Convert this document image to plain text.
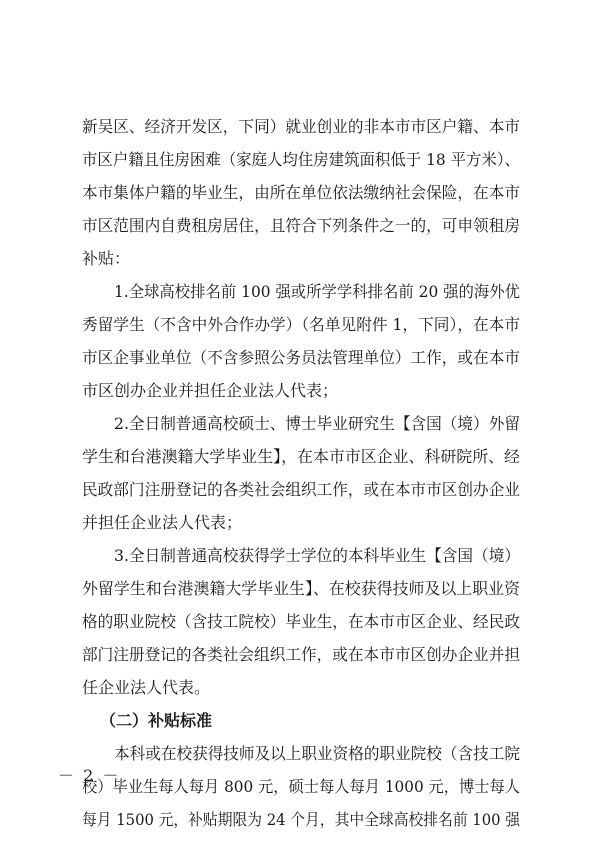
新吴区、经济开发区，下同）就业创业的非本市市区户籍、本市
市区户籍且住房困难（家庭人均住房建筑面积低于 18 平方米）、
本市集体户籍的毕业生，由所在单位依法缴纳社会保险，在本市
市区范围内自费租房居住，且符合下列条件之一的，可申领租房
补贴：
1.全球高校排名前 100 强或所学学科排名前 20 强的海外优
秀留学生（不含中外合作办学）（名单见附件 1，下同），在本市
市区企事业单位（不含参照公务员法管理单位）工作，或在本市
市区创办企业并担任企业法人代表；
2.全日制普通高校硕士、博士毕业研究生【含国（境）外留
学生和台港澳籍大学毕业生】，在本市市区企业、科研院所、经
民政部门注册登记的各类社会组织工作，或在本市市区创办企业
并担任企业法人代表；
3.全日制普通高校获得学士学位的本科毕业生【含国（境）
外留学生和台港澳籍大学毕业生】、在校获得技师及以上职业资
格的职业院校（含技工院校）毕业生，在本市市区企业、经民政
部门注册登记的各类社会组织工作，或在本市市区创办企业并担
任企业法人代表。
（二）补贴标准
本科或在校获得技师及以上职业资格的职业院校（含技工院
校）毕业生每人每月 800 元，硕士每人每月 1000 元，博士每人
每月 1500 元，补贴期限为 24 个月，其中全球高校排名前 100 强
－ 2 －
